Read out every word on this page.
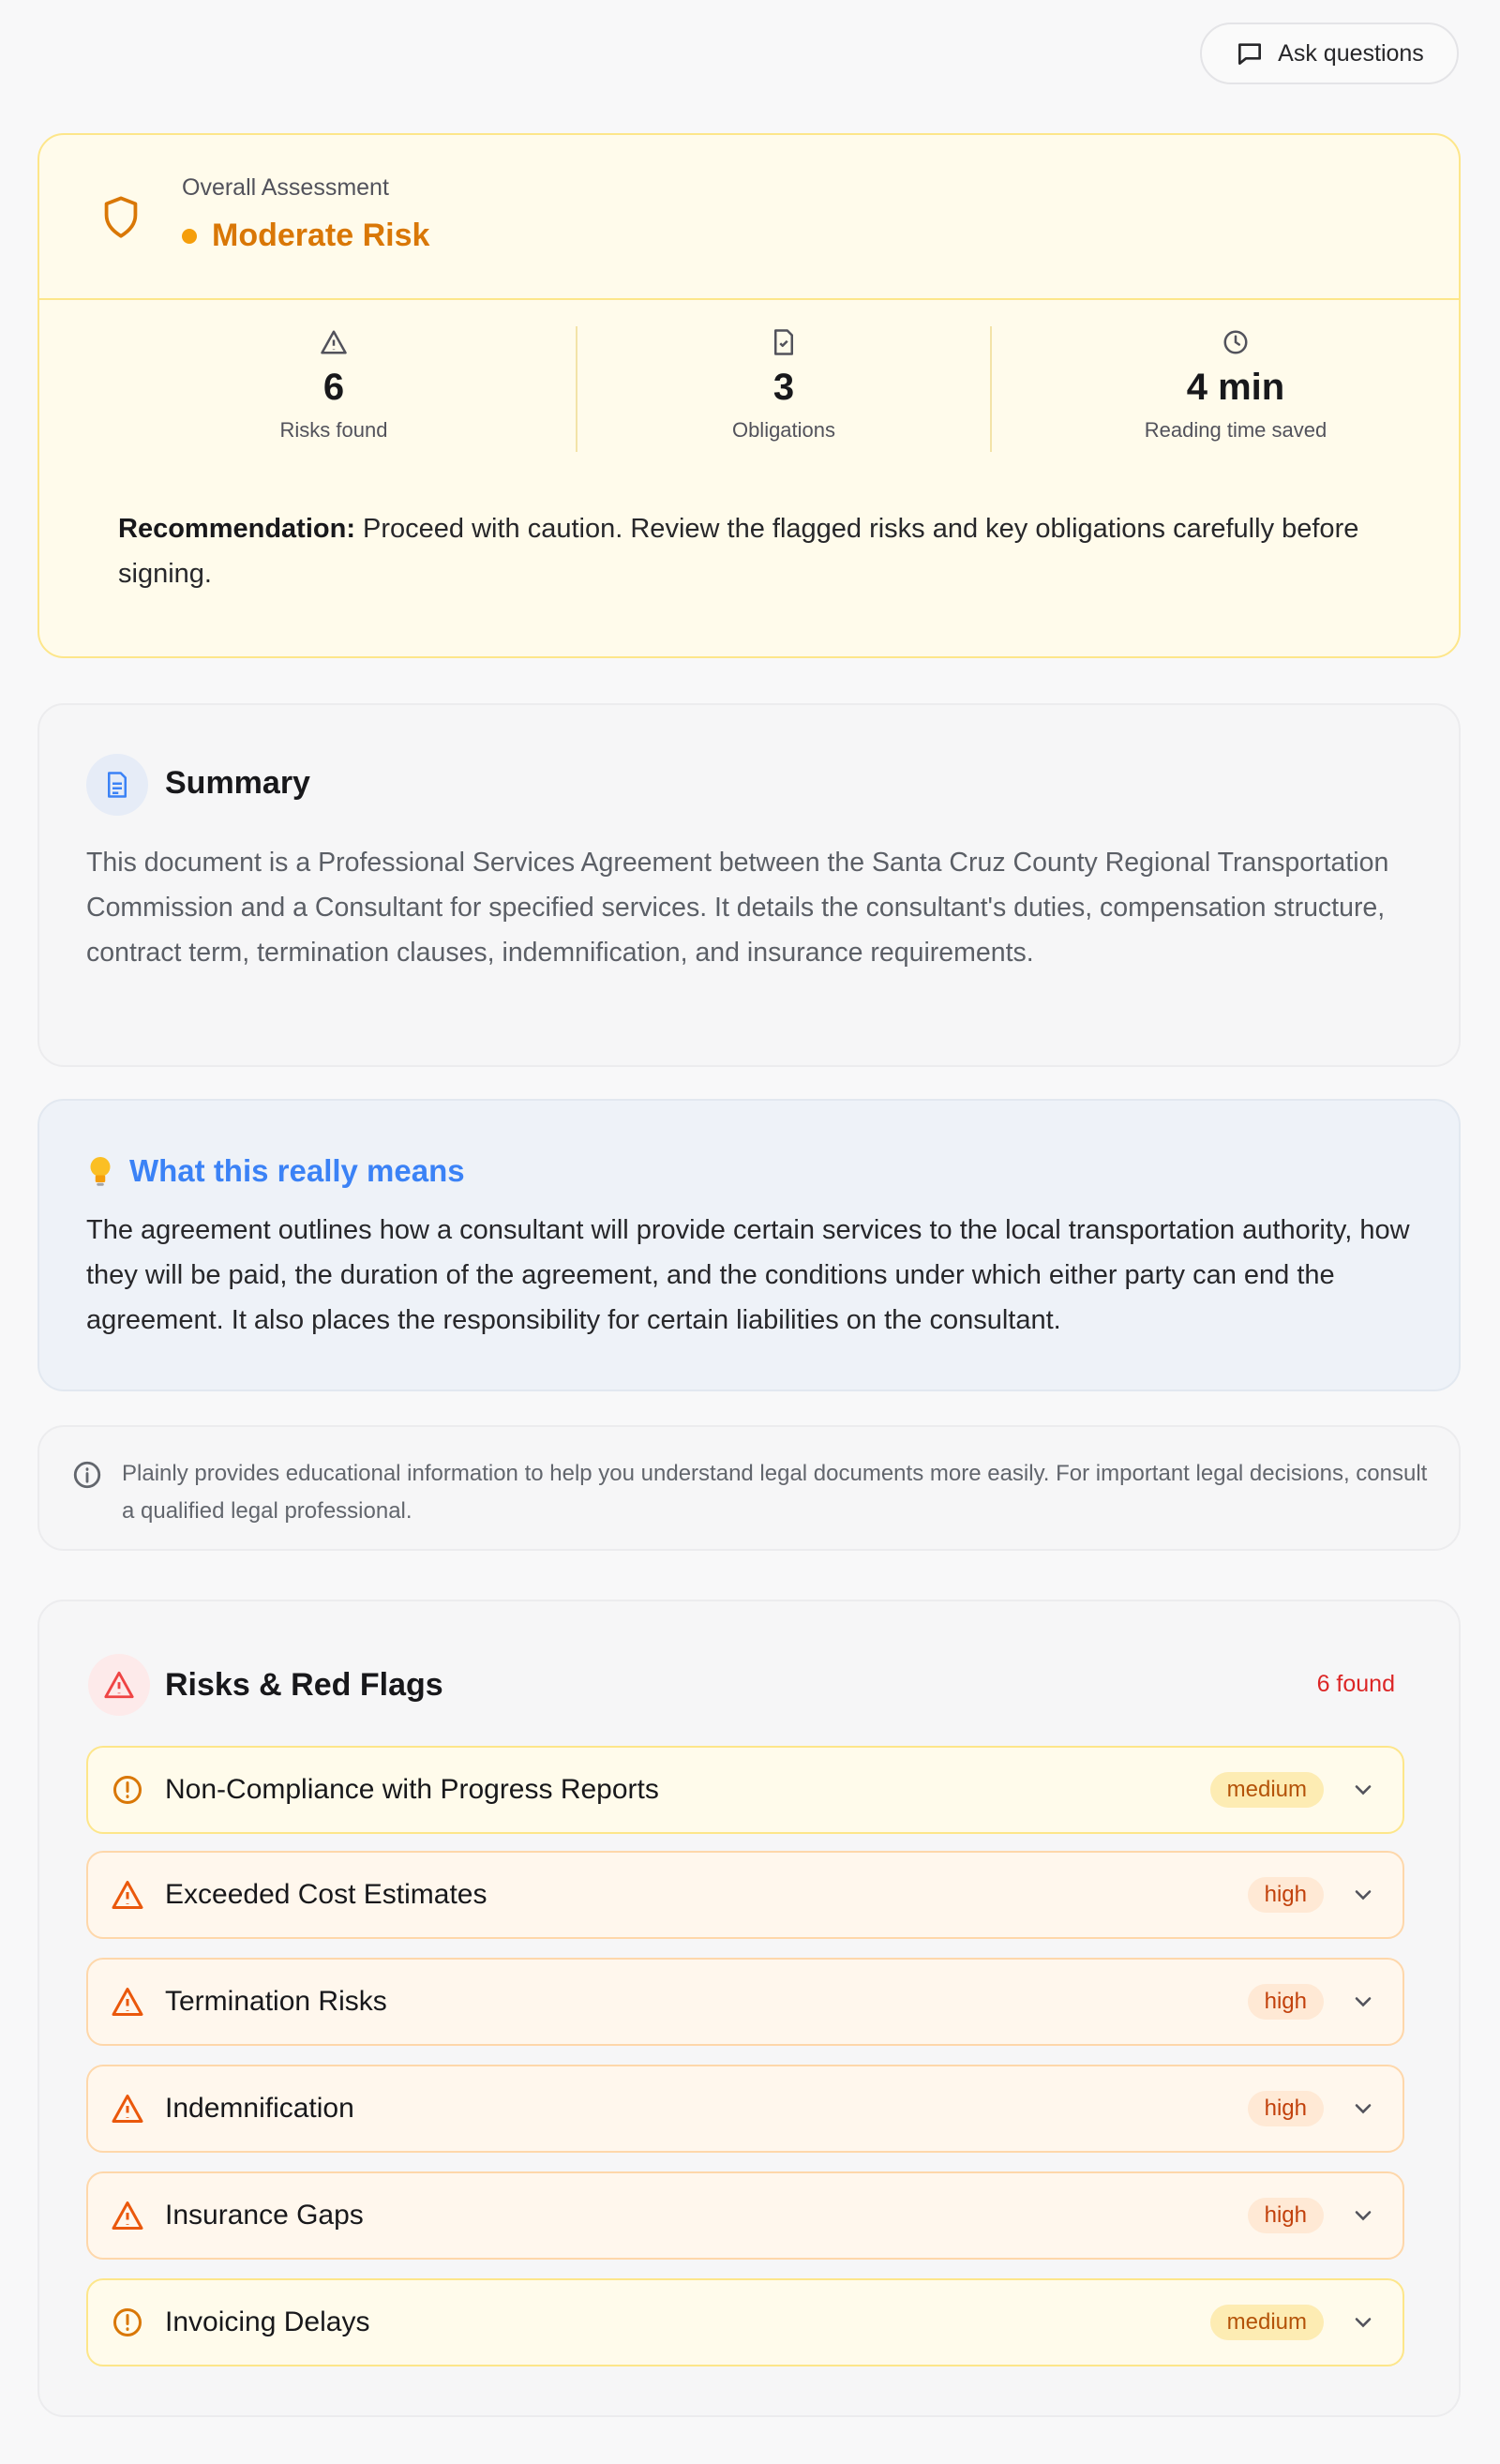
Ask questions
Overall Assessment
Moderate Risk
6
Risks found
3
Obligations
4 min
Reading time saved
Recommendation: Proceed with caution. Review the flagged risks and key obligations carefully before signing.
Summary
This document is a Professional Services Agreement between the Santa Cruz County Regional Transportation Commission and a Consultant for specified services. It details the consultant's duties, compensation structure, contract term, termination clauses, indemnification, and insurance requirements.
What this really means
The agreement outlines how a consultant will provide certain services to the local transportation authority, how they will be paid, the duration of the agreement, and the conditions under which either party can end the agreement. It also places the responsibility for certain liabilities on the consultant.
Plainly provides educational information to help you understand legal documents more easily. For important legal decisions, consult a qualified legal professional.
Risks & Red Flags	6 found
Non-Compliance with Progress Reports	medium
Exceeded Cost Estimates	high
Termination Risks	high
Indemnification	high
Insurance Gaps	high
Invoicing Delays	medium
